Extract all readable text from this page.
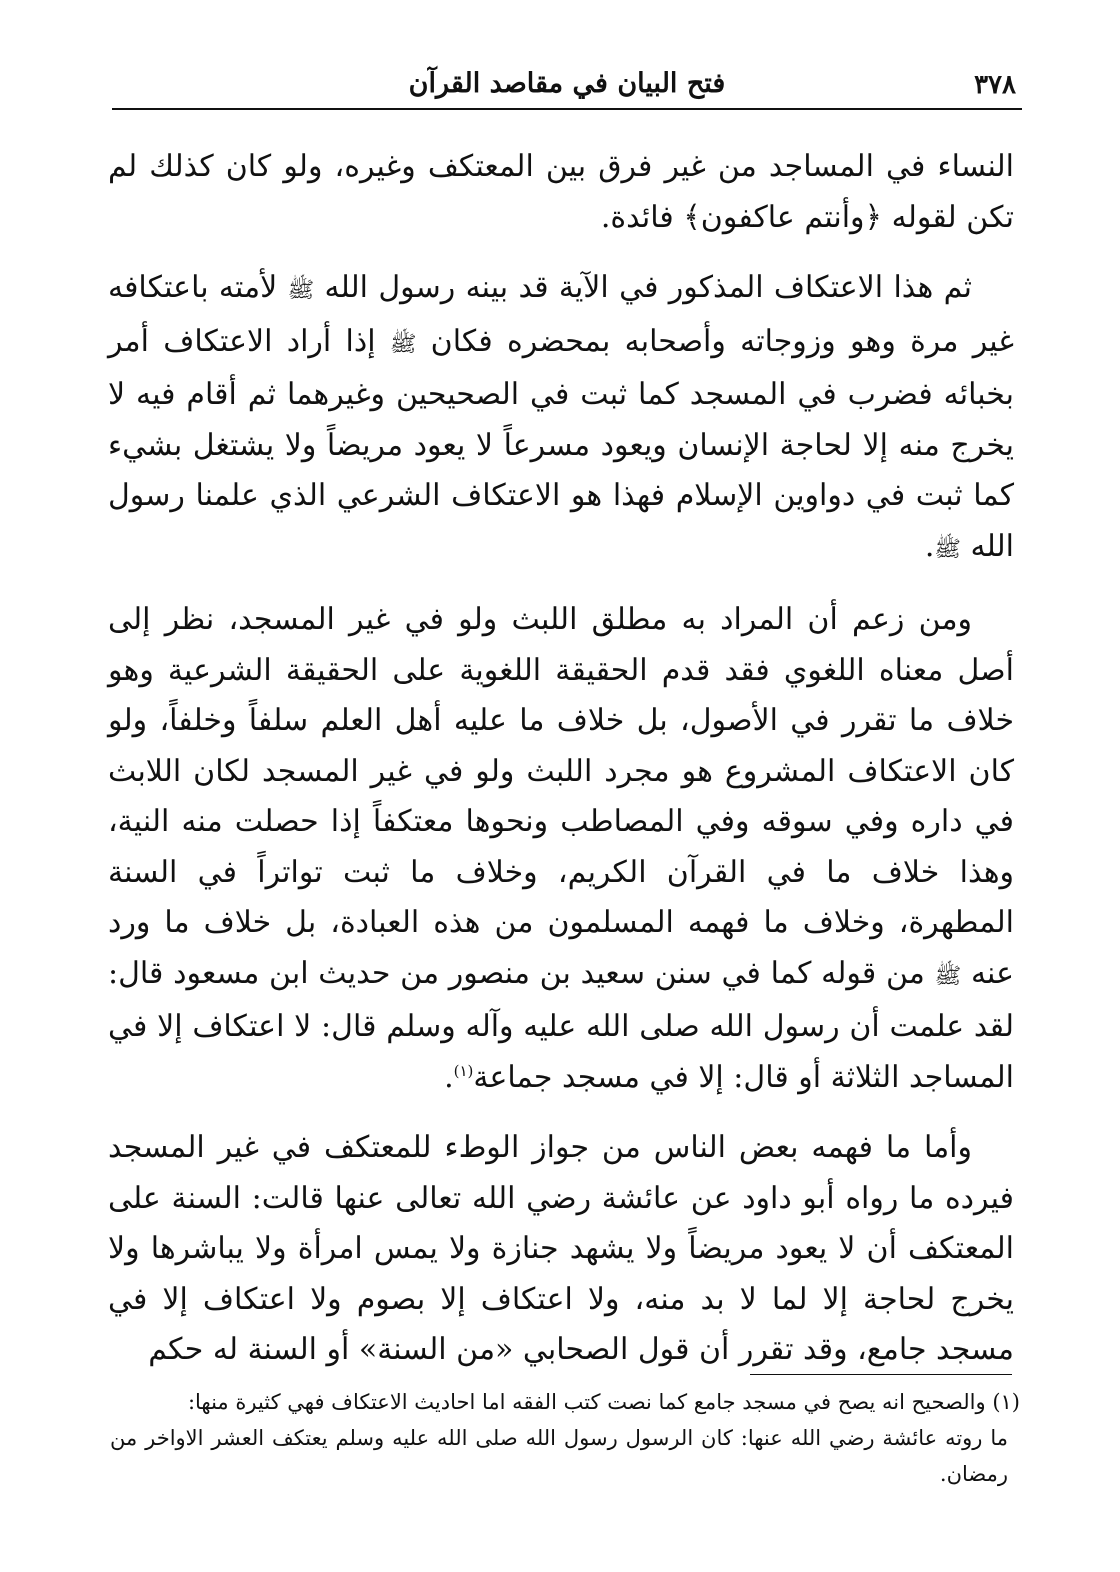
٣٧٨
فتح البيان في مقاصد القرآن

النساء في المساجد من غير فرق بين المعتكف وغيره، ولو كان كذلك لم تكن لقوله ﴿وأنتم عاكفون﴾ فائدة.

ثم هذا الاعتكاف المذكور في الآية قد بينه رسول الله ﷺ لأمته باعتكافه غير مرة وهو وزوجاته وأصحابه بمحضره فكان ﷺ إذا أراد الاعتكاف أمر بخبائه فضرب في المسجد كما ثبت في الصحيحين وغيرهما ثم أقام فيه لا يخرج منه إلا لحاجة الإنسان ويعود مسرعاً لا يعود مريضاً ولا يشتغل بشيء كما ثبت في دواوين الإسلام فهذا هو الاعتكاف الشرعي الذي علمنا رسول الله ﷺ.

ومن زعم أن المراد به مطلق اللبث ولو في غير المسجد، نظر إلى أصل معناه اللغوي فقد قدم الحقيقة اللغوية على الحقيقة الشرعية وهو خلاف ما تقرر في الأصول، بل خلاف ما عليه أهل العلم سلفاً وخلفاً، ولو كان الاعتكاف المشروع هو مجرد اللبث ولو في غير المسجد لكان اللابث في داره وفي سوقه وفي المصاطب ونحوها معتكفاً إذا حصلت منه النية، وهذا خلاف ما في القرآن الكريم، وخلاف ما ثبت تواتراً في السنة المطهرة، وخلاف ما فهمه المسلمون من هذه العبادة، بل خلاف ما ورد عنه ﷺ من قوله كما في سنن سعيد بن منصور من حديث ابن مسعود قال: لقد علمت أن رسول الله صلى الله عليه وآله وسلم قال: لا اعتكاف إلا في المساجد الثلاثة أو قال: إلا في مسجد جماعة$^{(١)}$.

وأما ما فهمه بعض الناس من جواز الوطء للمعتكف في غير المسجد فيرده ما رواه أبو داود عن عائشة رضي الله تعالى عنها قالت: السنة على المعتكف أن لا يعود مريضاً ولا يشهد جنازة ولا يمس امرأة ولا يباشرها ولا يخرج لحاجة إلا لما لا بد منه، ولا اعتكاف إلا بصوم ولا اعتكاف إلا في مسجد جامع، وقد تقرر أن قول الصحابي «من السنة» أو السنة له حكم

(١) والصحيح انه يصح في مسجد جامع كما نصت كتب الفقه اما احاديث الاعتكاف فهي كثيرة منها:

ما روته عائشة رضي الله عنها: كان الرسول رسول الله صلى الله عليه وسلم يعتكف العشر الاواخر من رمضان.
